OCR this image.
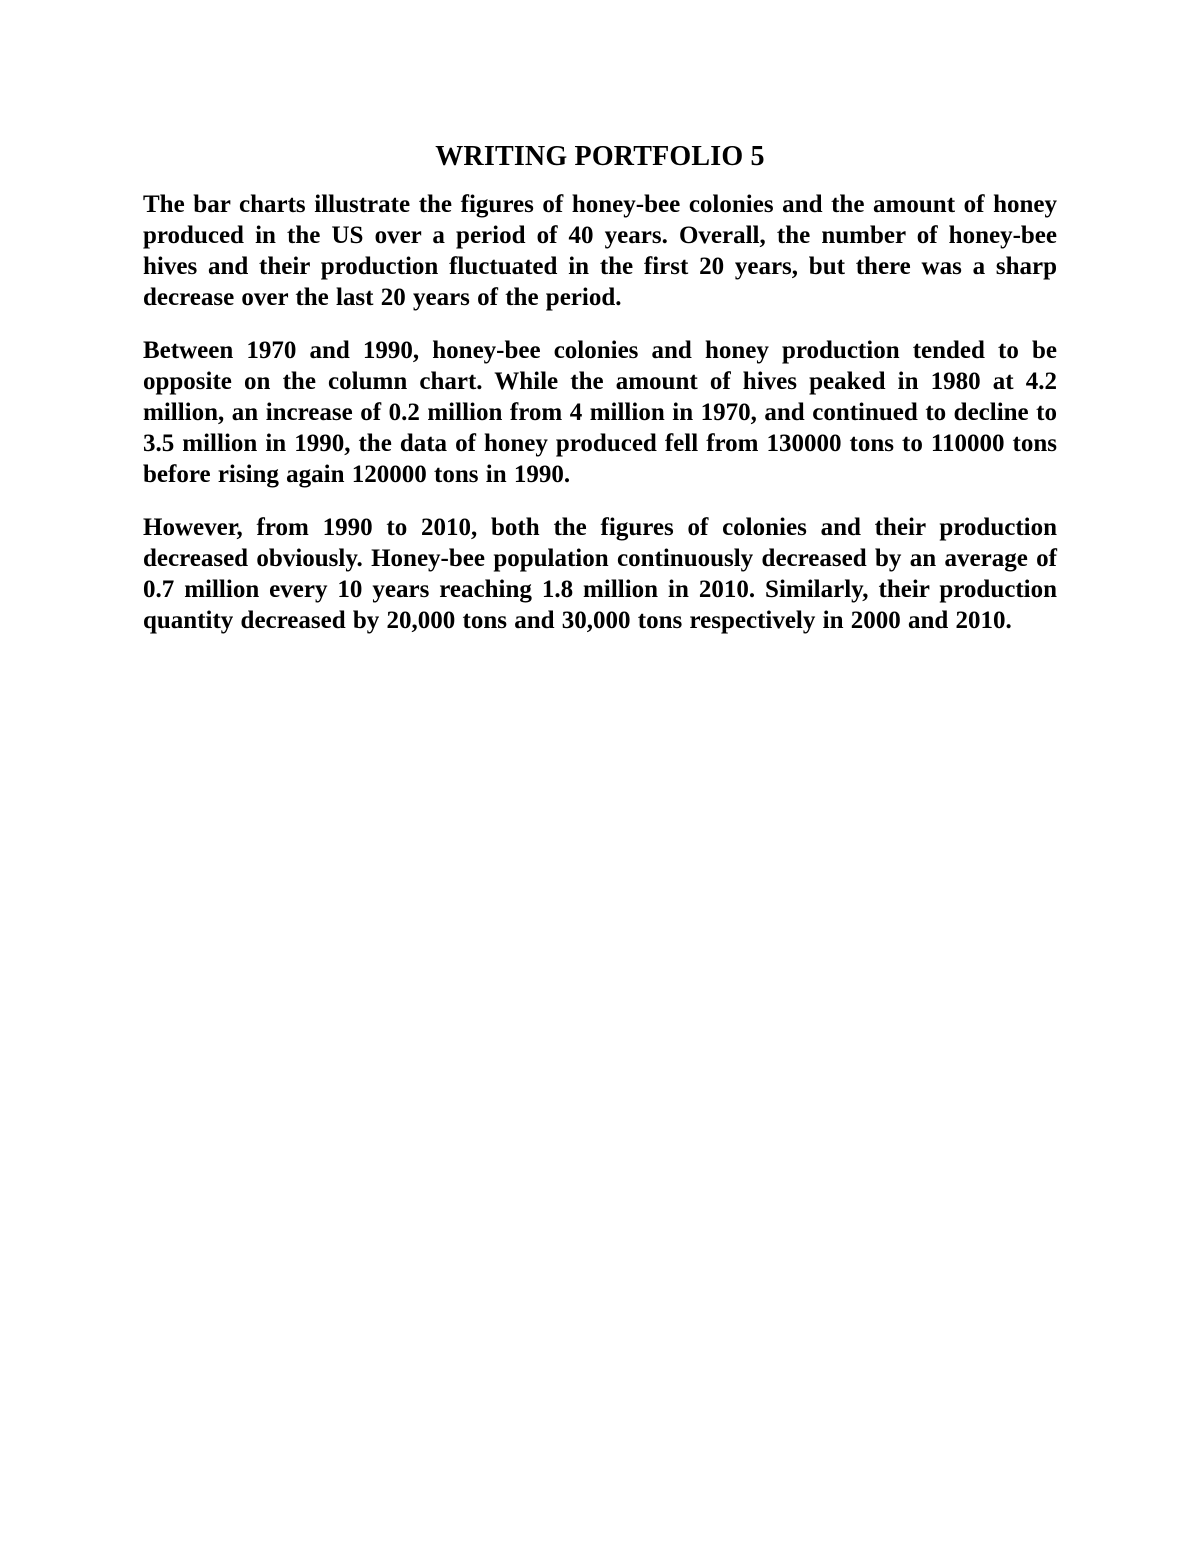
WRITING PORTFOLIO 5

The bar charts illustrate the figures of honey-bee colonies and the amount of honey produced in the US over a period of 40 years. Overall, the number of honey-bee hives and their production fluctuated in the first 20 years, but there was a sharp decrease over the last 20 years of the period.

Between 1970 and 1990, honey-bee colonies and honey production tended to be opposite on the column chart. While the amount of hives peaked in 1980 at 4.2 million, an increase of 0.2 million from 4 million in 1970, and continued to decline to 3.5 million in 1990, the data of honey produced fell from 130000 tons to 110000 tons before rising again 120000 tons in 1990.

However, from 1990 to 2010, both the figures of colonies and their production decreased obviously. Honey-bee population continuously decreased by an average of 0.7 million every 10 years reaching 1.8 million in 2010. Similarly, their production quantity decreased by 20,000 tons and 30,000 tons respectively in 2000 and 2010.
